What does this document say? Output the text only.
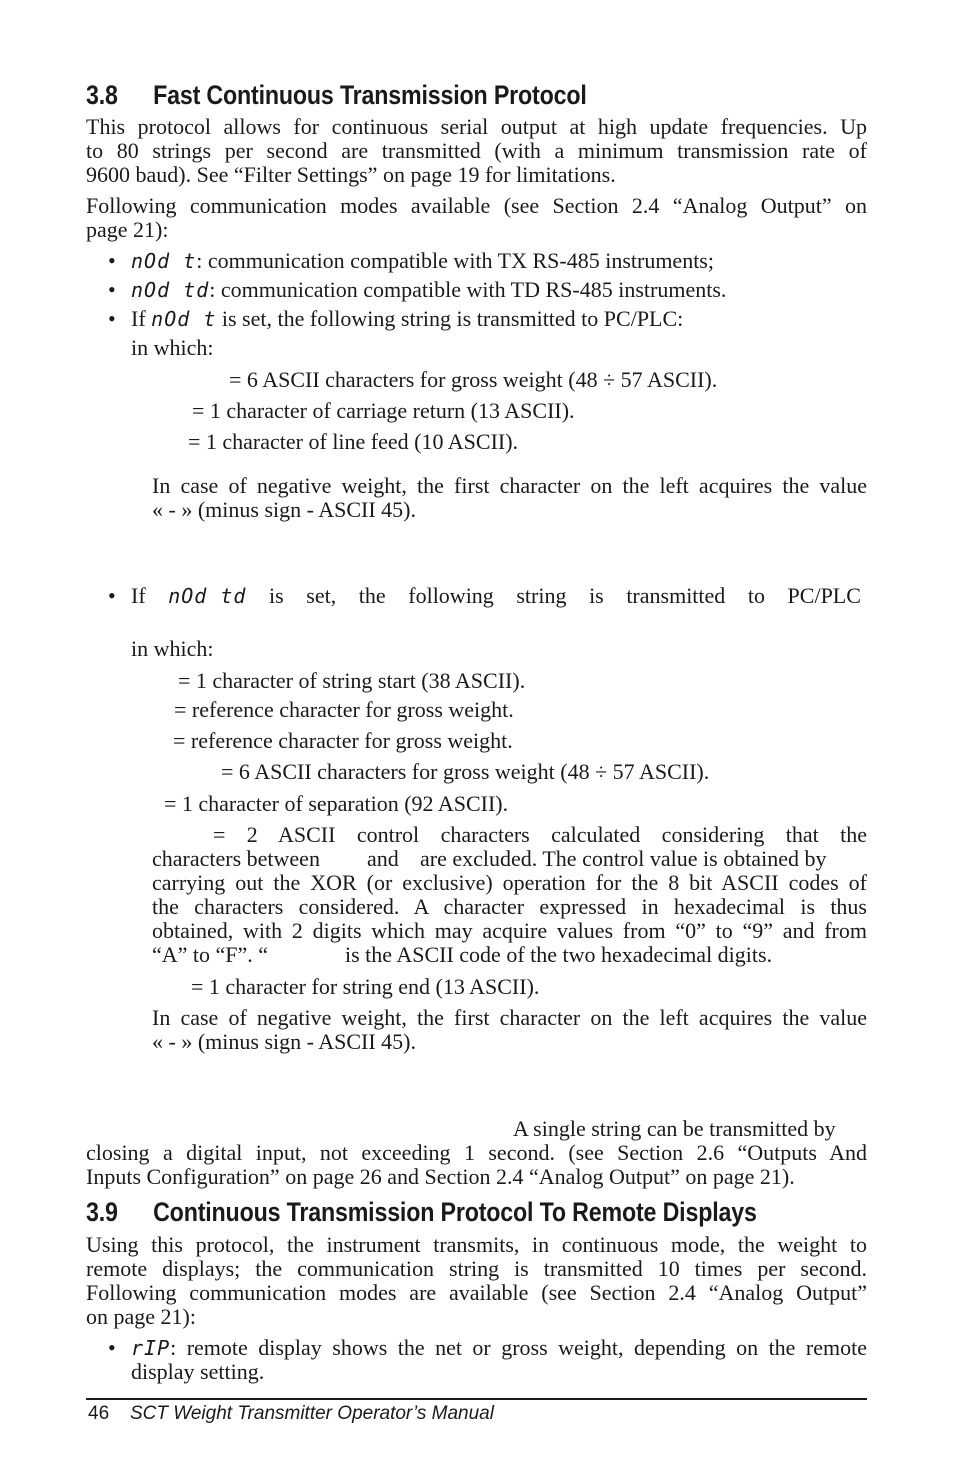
3.8 Fast Continuous Transmission Protocol
This protocol allows for continuous serial output at high update frequencies. Up
to 80 strings per second are transmitted (with a minimum transmission rate of
9600 baud). See “Filter Settings” on page 19 for limitations.
Following communication modes available (see Section 2.4 “Analog Output” on
page 21):
• nOd t: communication compatible with TX RS-485 instruments;
• nOd td: communication compatible with TD RS-485 instruments.
• If nOd t is set, the following string is transmitted to PC/PLC:
in which:
= 6 ASCII characters for gross weight (48 ÷ 57 ASCII).
= 1 character of carriage return (13 ASCII).
= 1 character of line feed (10 ASCII).
In case of negative weight, the first character on the left acquires the value
« - » (minus sign - ASCII 45).
• If nOd td is set, the following string is transmitted to PC/PLC
in which:
= 1 character of string start (38 ASCII).
= reference character for gross weight.
= reference character for gross weight.
= 6 ASCII characters for gross weight (48 ÷ 57 ASCII).
= 1 character of separation (92 ASCII).
= 2 ASCII control characters calculated considering that the
characters between and are excluded. The control value is obtained by
carrying out the XOR (or exclusive) operation for the 8 bit ASCII codes of
the characters considered. A character expressed in hexadecimal is thus
obtained, with 2 digits which may acquire values from “0” to “9” and from
“A” to “F”. “	is the ASCII code of the two hexadecimal digits.
= 1 character for string end (13 ASCII).
In case of negative weight, the first character on the left acquires the value
« - » (minus sign - ASCII 45).
A single string can be transmitted by
closing a digital input, not exceeding 1 second. (see Section 2.6 “Outputs And
Inputs Configuration” on page 26 and Section 2.4 “Analog Output” on page 21).
3.9 Continuous Transmission Protocol To Remote Displays
Using this protocol, the instrument transmits, in continuous mode, the weight to
remote displays; the communication string is transmitted 10 times per second.
Following communication modes are available (see Section 2.4 “Analog Output”
on page 21):
• rIP: remote display shows the net or gross weight, depending on the remote
display setting.
46 SCT Weight Transmitter Operator’s Manual
